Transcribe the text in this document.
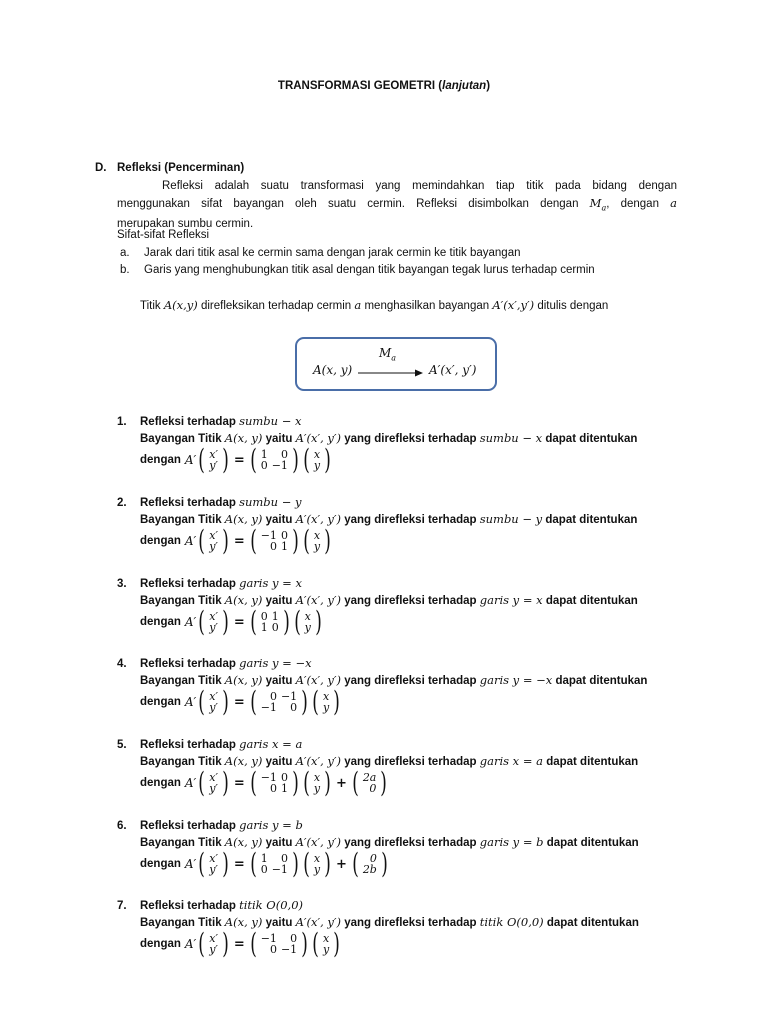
TRANSFORMASI GEOMETRI (lanjutan)
D. Refleksi (Pencerminan)
Refleksi adalah suatu transformasi yang memindahkan tiap titik pada bidang dengan
menggunakan sifat bayangan oleh suatu cermin. Refleksi disimbolkan dengan $M_a$, dengan a
merupakan sumbu cermin.
Sifat-sifat Refleksi
a. Jarak dari titik asal ke cermin sama dengan jarak cermin ke titik bayangan
b. Garis yang menghubungkan titik asal dengan titik bayangan tegak lurus terhadap cermin
Titik A(x,y) direfleksikan terhadap cermin a menghasilkan bayangan A′(x′,y′) ditulis dengan
$M_a$
A(x, y)	A′(x′, y′)
1. Refleksi terhadap sumbu − x
Bayangan Titik A(x, y) yaitu A′(x′, y′) yang direfleksi terhadap sumbu − x dapat ditentukan
dengan A′ ( x′
y′ ) = ( 1	0
0	−1 ) ( x
y )
2. Refleksi terhadap sumbu − y
Bayangan Titik A(x, y) yaitu A′(x′, y′) yang direfleksi terhadap sumbu − y dapat ditentukan
dengan A′ ( x′
y′ ) = ( −1	0
0	1 ) ( x
y )
3. Refleksi terhadap garis y = x
Bayangan Titik A(x, y) yaitu A′(x′, y′) yang direfleksi terhadap garis y = x dapat ditentukan
dengan A′ ( x′
y′ ) = ( 0	1
1	0 ) ( x
y )
4. Refleksi terhadap garis y = −x
Bayangan Titik A(x, y) yaitu A′(x′, y′) yang direfleksi terhadap garis y = −x dapat ditentukan
dengan A′ ( x′
y′ ) = ( 0	−1
−1	0 ) ( x
y )
5. Refleksi terhadap garis x = a
Bayangan Titik A(x, y) yaitu A′(x′, y′) yang direfleksi terhadap garis x = a dapat ditentukan
dengan A′ ( x′
y′ ) = ( −1	0
0	1 ) ( x
y ) + ( 2a
0 )
6. Refleksi terhadap garis y = b
Bayangan Titik A(x, y) yaitu A′(x′, y′) yang direfleksi terhadap garis y = b dapat ditentukan
dengan A′ ( x′
y′ ) = ( 1	0
0	−1 ) ( x
y ) + ( 0
2b )
7. Refleksi terhadap titik O(0,0)
Bayangan Titik A(x, y) yaitu A′(x′, y′) yang direfleksi terhadap titik O(0,0) dapat ditentukan
dengan A′ ( x′
y′ ) = ( −1	0
0	−1 ) ( x
y )
